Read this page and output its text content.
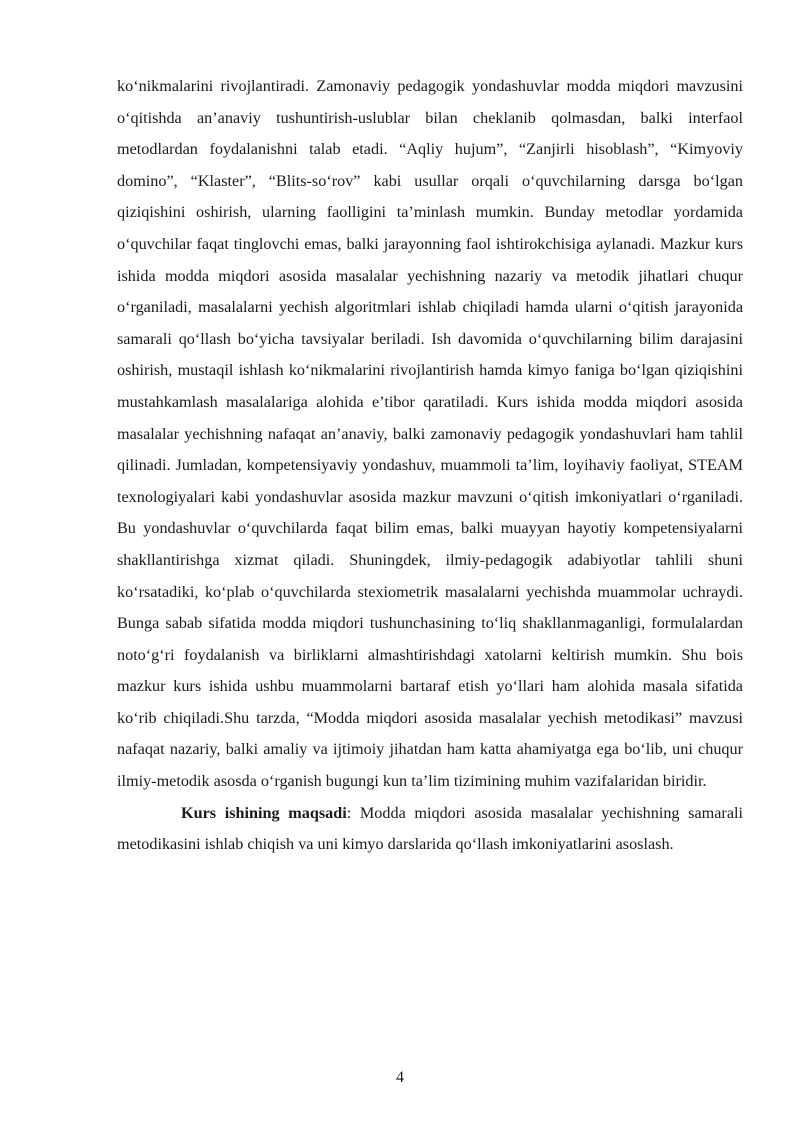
ko‘nikmalarini rivojlantiradi. Zamonaviy pedagogik yondashuvlar modda miqdori mavzusini o‘qitishda an’anaviy tushuntirish-uslublar bilan cheklanib qolmasdan, balki interfaol metodlardan foydalanishni talab etadi. “Aqliy hujum”, “Zanjirli hisoblash”, “Kimyoviy domino”, “Klaster”, “Blits-so‘rov” kabi usullar orqali o‘quvchilarning darsga bo‘lgan qiziqishini oshirish, ularning faolligini ta’minlash mumkin. Bunday metodlar yordamida o‘quvchilar faqat tinglovchi emas, balki jarayonning faol ishtirokchisiga aylanadi. Mazkur kurs ishida modda miqdori asosida masalalar yechishning nazariy va metodik jihatlari chuqur o‘rganiladi, masalalarni yechish algoritmlari ishlab chiqiladi hamda ularni o‘qitish jarayonida samarali qo‘llash bo‘yicha tavsiyalar beriladi. Ish davomida o‘quvchilarning bilim darajasini oshirish, mustaqil ishlash ko‘nikmalarini rivojlantirish hamda kimyo faniga bo‘lgan qiziqishini mustahkamlash masalalariga alohida e’tibor qaratiladi. Kurs ishida modda miqdori asosida masalalar yechishning nafaqat an’anaviy, balki zamonaviy pedagogik yondashuvlari ham tahlil qilinadi. Jumladan, kompetensiyaviy yondashuv, muammoli ta’lim, loyihaviy faoliyat, STEAM texnologiyalari kabi yondashuvlar asosida mazkur mavzuni o‘qitish imkoniyatlari o‘rganiladi. Bu yondashuvlar o‘quvchilarda faqat bilim emas, balki muayyan hayotiy kompetensiyalarni shakllantirishga xizmat qiladi. Shuningdek, ilmiy-pedagogik adabiyotlar tahlili shuni ko‘rsatadiki, ko‘plab o‘quvchilarda stexiometrik masalalarni yechishda muammolar uchraydi. Bunga sabab sifatida modda miqdori tushunchasining to‘liq shakllanmaganligi, formulalardan noto‘g‘ri foydalanish va birliklarni almashtirishdagi xatolarni keltirish mumkin. Shu bois mazkur kurs ishida ushbu muammolarni bartaraf etish yo‘llari ham alohida masala sifatida ko‘rib chiqiladi.Shu tarzda, “Modda miqdori asosida masalalar yechish metodikasi” mavzusi nafaqat nazariy, balki amaliy va ijtimoiy jihatdan ham katta ahamiyatga ega bo‘lib, uni chuqur ilmiy-metodik asosda o‘rganish bugungi kun ta’lim tizimining muhim vazifalaridan biridir.

Kurs ishining maqsadi: Modda miqdori asosida masalalar yechishning samarali metodikasini ishlab chiqish va uni kimyo darslarida qo‘llash imkoniyatlarini asoslash.

4
